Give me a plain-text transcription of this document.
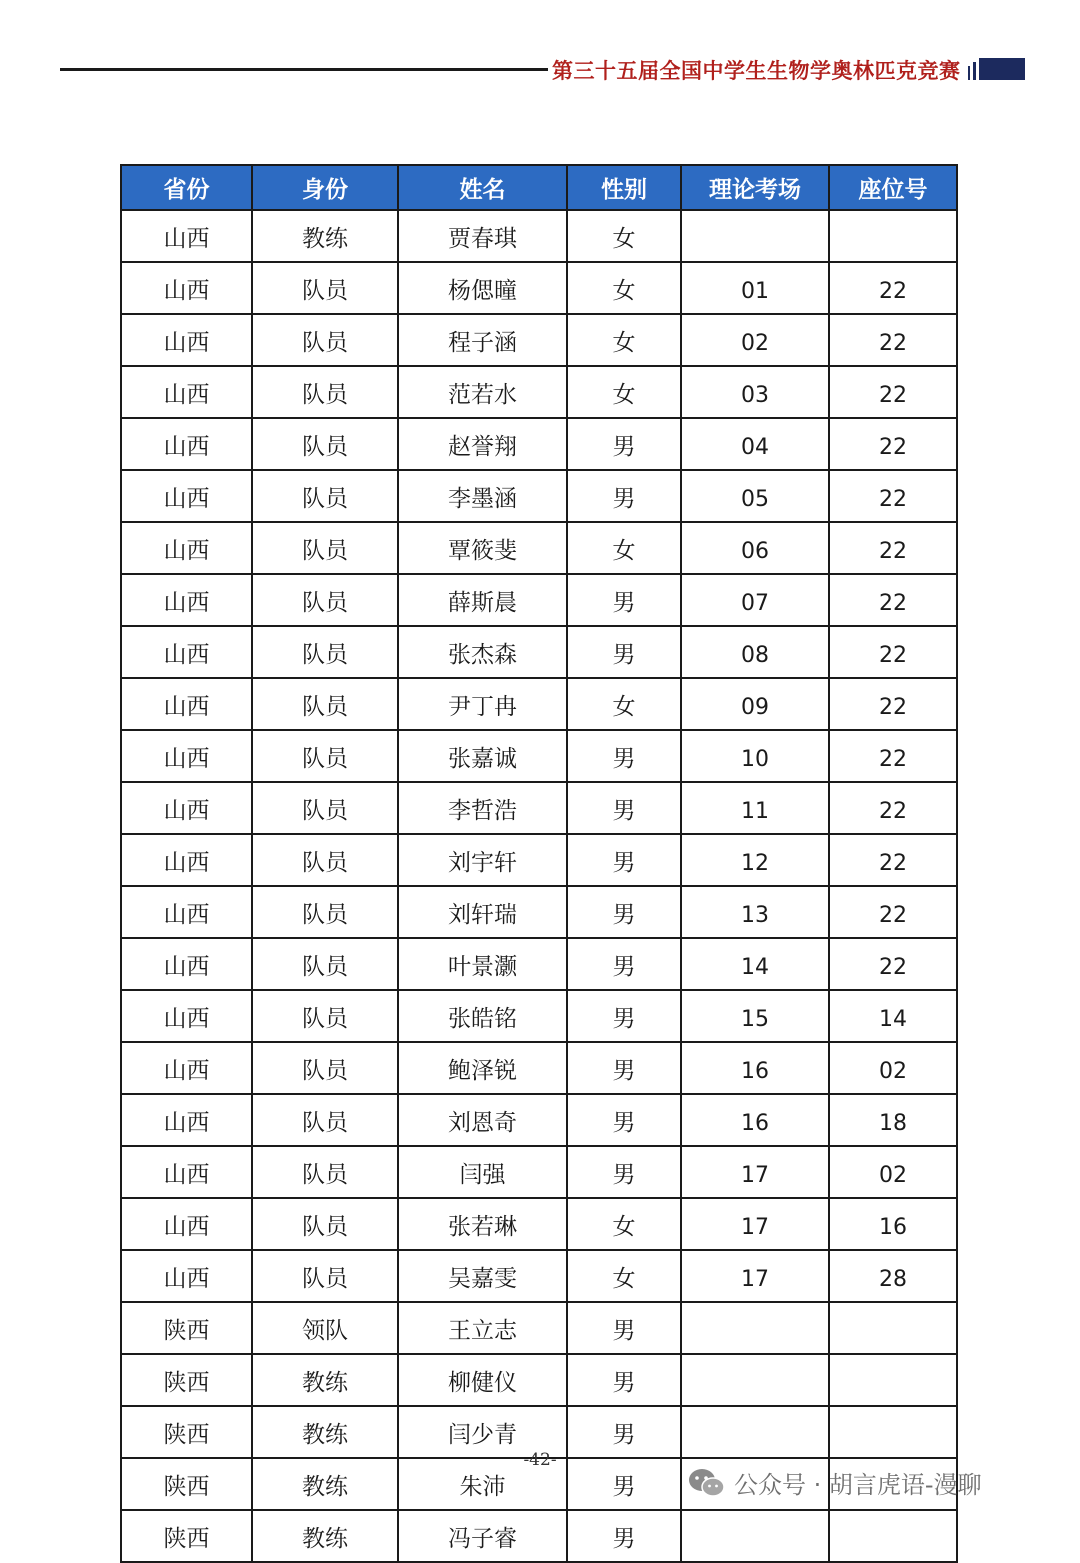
第三十五届全国中学生生物学奥林匹克竞赛
省份	身份	姓名	性别	理论考场	座位号
山西	教练	贾春琪	女		
山西	队员	杨偲曈	女	01	22
山西	队员	程子涵	女	02	22
山西	队员	范若水	女	03	22
山西	队员	赵誉翔	男	04	22
山西	队员	李墨涵	男	05	22
山西	队员	覃筱斐	女	06	22
山西	队员	薛斯晨	男	07	22
山西	队员	张杰森	男	08	22
山西	队员	尹丁冉	女	09	22
山西	队员	张嘉诚	男	10	22
山西	队员	李哲浩	男	11	22
山西	队员	刘宇轩	男	12	22
山西	队员	刘轩瑞	男	13	22
山西	队员	叶景灏	男	14	22
山西	队员	张皓铭	男	15	14
山西	队员	鲍泽锐	男	16	02
山西	队员	刘恩奇	男	16	18
山西	队员	闫强	男	17	02
山西	队员	张若琳	女	17	16
山西	队员	吴嘉雯	女	17	28
陕西	领队	王立志	男		
陕西	教练	柳健仪	男		
陕西	教练	闫少青	男		
陕西	教练	朱沛	男		
陕西	教练	冯子睿	男		
-42-
公众号 · 胡言虎语-漫聊
